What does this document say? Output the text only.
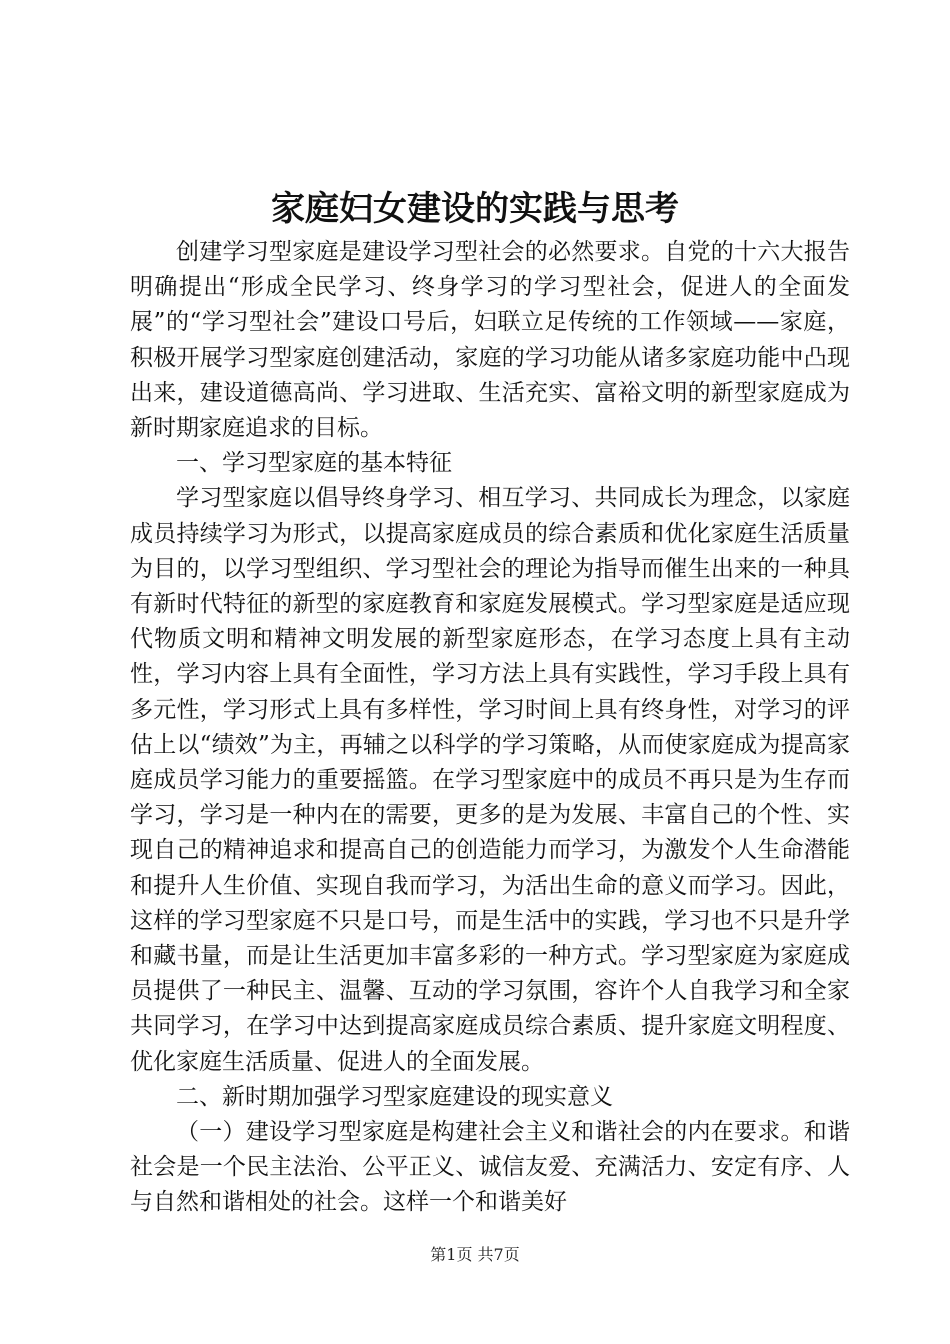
家庭妇女建设的实践与思考

创建学习型家庭是建设学习型社会的必然要求。自党的十六大报告明确提出“形成全民学习、终身学习的学习型社会，促进人的全面发展”的“学习型社会”建设口号后，妇联立足传统的工作领域——家庭，积极开展学习型家庭创建活动，家庭的学习功能从诸多家庭功能中凸现出来，建设道德高尚、学习进取、生活充实、富裕文明的新型家庭成为新时期家庭追求的目标。

一、学习型家庭的基本特征

学习型家庭以倡导终身学习、相互学习、共同成长为理念，以家庭成员持续学习为形式，以提高家庭成员的综合素质和优化家庭生活质量为目的，以学习型组织、学习型社会的理论为指导而催生出来的一种具有新时代特征的新型的家庭教育和家庭发展模式。学习型家庭是适应现代物质文明和精神文明发展的新型家庭形态，在学习态度上具有主动性，学习内容上具有全面性，学习方法上具有实践性，学习手段上具有多元性，学习形式上具有多样性，学习时间上具有终身性，对学习的评估上以“绩效”为主，再辅之以科学的学习策略，从而使家庭成为提高家庭成员学习能力的重要摇篮。在学习型家庭中的成员不再只是为生存而学习，学习是一种内在的需要，更多的是为发展、丰富自己的个性、实现自己的精神追求和提高自己的创造能力而学习，为激发个人生命潜能和提升人生价值、实现自我而学习，为活出生命的意义而学习。因此，这样的学习型家庭不只是口号，而是生活中的实践，学习也不只是升学和藏书量，而是让生活更加丰富多彩的一种方式。学习型家庭为家庭成员提供了一种民主、温馨、互动的学习氛围，容许个人自我学习和全家共同学习，在学习中达到提高家庭成员综合素质、提升家庭文明程度、优化家庭生活质量、促进人的全面发展。

二、新时期加强学习型家庭建设的现实意义

（一）建设学习型家庭是构建社会主义和谐社会的内在要求。和谐社会是一个民主法治、公平正义、诚信友爱、充满活力、安定有序、人与自然和谐相处的社会。这样一个和谐美好

第1页 共7页
